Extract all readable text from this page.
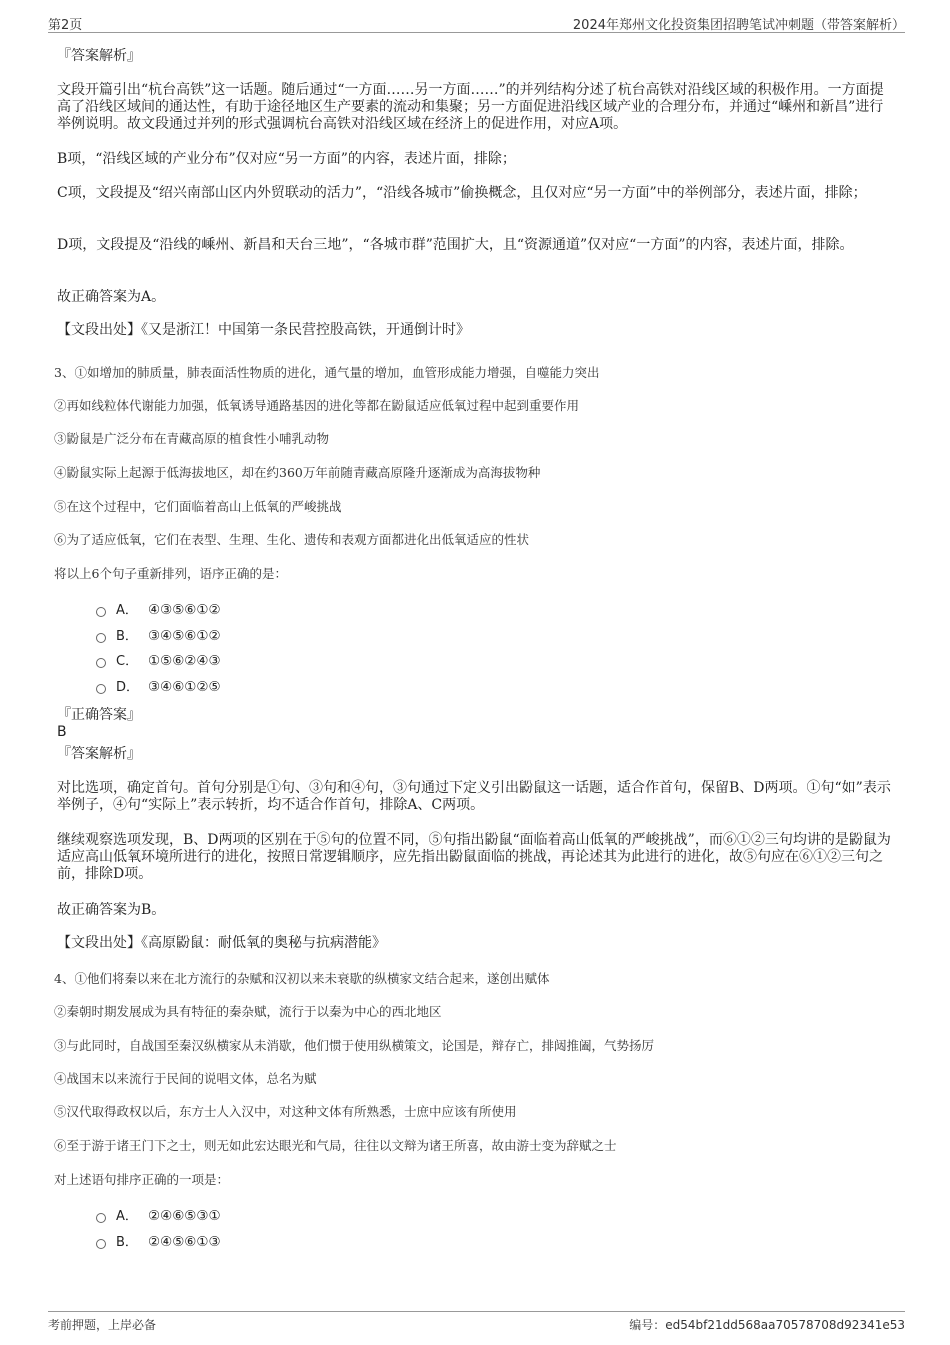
第2页	2024年郑州文化投资集团招聘笔试冲刺题（带答案解析）
『答案解析』
文段开篇引出“杭台高铁”这一话题。随后通过“一方面……另一方面……”的并列结构分述了杭台高铁对沿线区域的积极作用。一方面提高了沿线区域间的通达性，有助于途径地区生产要素的流动和集聚；另一方面促进沿线区域产业的合理分布，并通过“嵊州和新昌”进行举例说明。故文段通过并列的形式强调杭台高铁对沿线区域在经济上的促进作用，对应A项。
B项，“沿线区域的产业分布”仅对应“另一方面”的内容，表述片面，排除；
C项，文段提及“绍兴南部山区内外贸联动的活力”，“沿线各城市”偷换概念，且仅对应“另一方面”中的举例部分，表述片面，排除；
D项，文段提及“沿线的嵊州、新昌和天台三地”，“各城市群”范围扩大，且“资源通道”仅对应“一方面”的内容，表述片面，排除。
故正确答案为A。
【文段出处】《又是浙江！中国第一条民营控股高铁，开通倒计时》
3、①如增加的肺质量，肺表面活性物质的进化，通气量的增加，血管形成能力增强，自噬能力突出
②再如线粒体代谢能力加强，低氧诱导通路基因的进化等都在鼢鼠适应低氧过程中起到重要作用
③鼢鼠是广泛分布在青藏高原的植食性小哺乳动物
④鼢鼠实际上起源于低海拔地区，却在约360万年前随青藏高原隆升逐渐成为高海拔物种
⑤在这个过程中，它们面临着高山上低氧的严峻挑战
⑥为了适应低氧，它们在表型、生理、生化、遗传和表观方面都进化出低氧适应的性状
将以上6个句子重新排列，语序正确的是：
A． ④③⑤⑥①②
B． ③④⑤⑥①②
C． ①⑤⑥②④③
D． ③④⑥①②⑤
『正确答案』
B
『答案解析』
对比选项，确定首句。首句分别是①句、③句和④句，③句通过下定义引出鼢鼠这一话题，适合作首句，保留B、D两项。①句“如”表示举例子，④句“实际上”表示转折，均不适合作首句，排除A、C两项。
继续观察选项发现，B、D两项的区别在于⑤句的位置不同，⑤句指出鼢鼠“面临着高山低氧的严峻挑战”，而⑥①②三句均讲的是鼢鼠为适应高山低氧环境所进行的进化，按照日常逻辑顺序，应先指出鼢鼠面临的挑战，再论述其为此进行的进化，故⑤句应在⑥①②三句之前，排除D项。
故正确答案为B。
【文段出处】《高原鼢鼠：耐低氧的奥秘与抗病潜能》
4、①他们将秦以来在北方流行的杂赋和汉初以来未衰歇的纵横家文结合起来，遂创出赋体
②秦朝时期发展成为具有特征的秦杂赋，流行于以秦为中心的西北地区
③与此同时，自战国至秦汉纵横家从未消歇，他们惯于使用纵横策文，论国是，辩存亡，排闼推阖，气势扬厉
④战国末以来流行于民间的说唱文体，总名为赋
⑤汉代取得政权以后，东方士人入汉中，对这种文体有所熟悉，士庶中应该有所使用
⑥至于游于诸王门下之士，则无如此宏达眼光和气局，往往以文辩为诸王所喜，故由游士变为辞赋之士
对上述语句排序正确的一项是：
A． ②④⑥⑤③①
B． ②④⑤⑥①③
考前押题，上岸必备	编号：ed54bf21dd568aa70578708d92341e53
